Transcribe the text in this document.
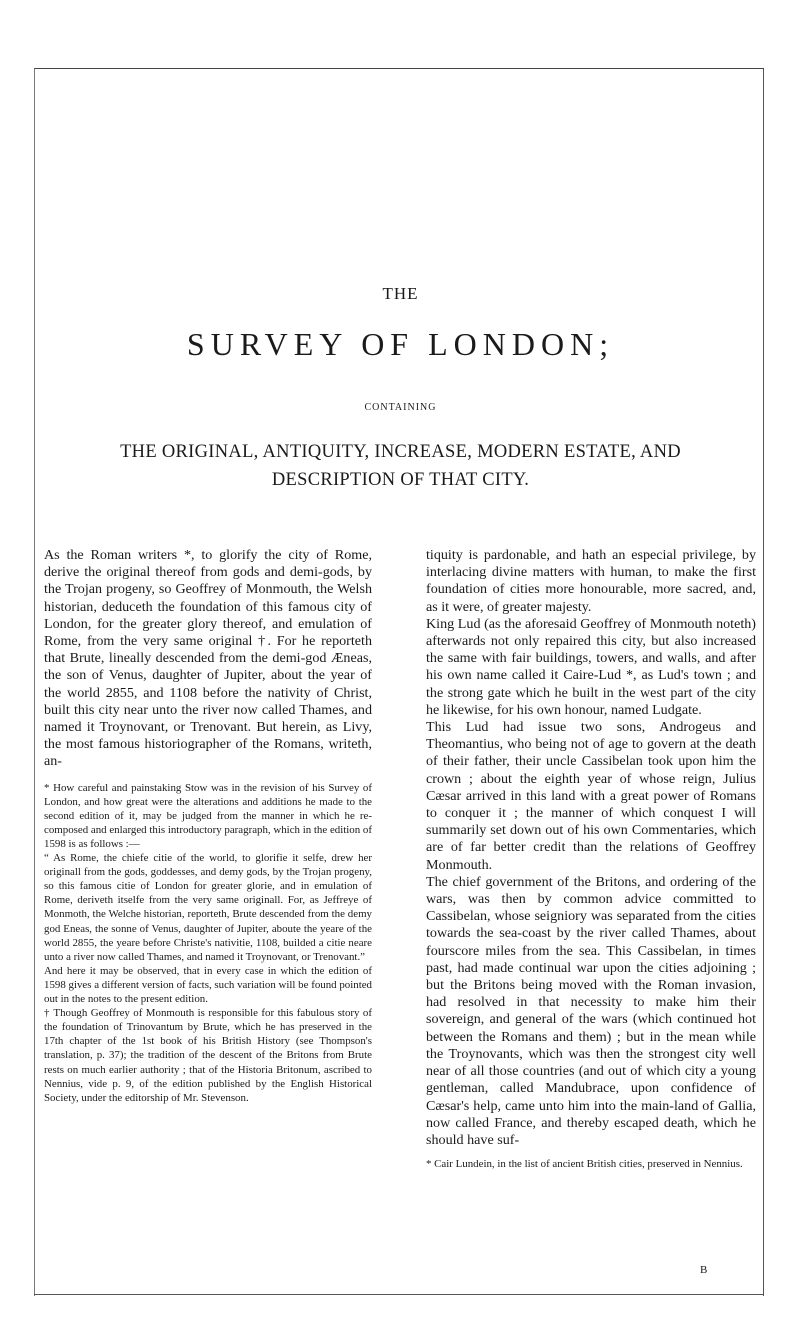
THE
SURVEY OF LONDON;
CONTAINING
THE ORIGINAL, ANTIQUITY, INCREASE, MODERN ESTATE, AND DESCRIPTION OF THAT CITY.

As the Roman writers *, to glorify the city of Rome, derive the original thereof from gods and demi-gods, by the Trojan progeny, so Geoffrey of Monmouth, the Welsh historian, deduceth the foundation of this famous city of London, for the greater glory thereof, and emulation of Rome, from the very same original †. For he reporteth that Brute, lineally descended from the demi-god Æneas, the son of Venus, daughter of Jupiter, about the year of the world 2855, and 1108 before the nativity of Christ, built this city near unto the river now called Thames, and named it Troynovant, or Trenovant. But herein, as Livy, the most famous historiographer of the Romans, writeth, an-

* How careful and painstaking Stow was in the revision of his Survey of London, and how great were the alterations and additions he made to the second edition of it, may be judged from the manner in which he re-composed and enlarged this introductory paragraph, which in the edition of 1598 is as follows :—

“ As Rome, the chiefe citie of the world, to glorifie it selfe, drew her originall from the gods, goddesses, and demy gods, by the Trojan progeny, so this famous citie of London for greater glorie, and in emulation of Rome, deriveth itselfe from the very same originall. For, as Jeffreye of Monmoth, the Welche historian, reporteth, Brute descended from the demy god Eneas, the sonne of Venus, daughter of Jupiter, aboute the yeare of the world 2855, the yeare before Christe's nativitie, 1108, builded a citie neare unto a river now called Thames, and named it Troynovant, or Trenovant.”

And here it may be observed, that in every case in which the edition of 1598 gives a different version of facts, such variation will be found pointed out in the notes to the present edition.

† Though Geoffrey of Monmouth is responsible for this fabulous story of the foundation of Trinovantum by Brute, which he has preserved in the 17th chapter of the 1st book of his British History (see Thompson's translation, p. 37); the tradition of the descent of the Britons from Brute rests on much earlier authority ; that of the Historia Britonum, ascribed to Nennius, vide p. 9, of the edition published by the English Historical Society, under the editorship of Mr. Stevenson.

tiquity is pardonable, and hath an especial privilege, by interlacing divine matters with human, to make the first foundation of cities more honourable, more sacred, and, as it were, of greater majesty.

King Lud (as the aforesaid Geoffrey of Monmouth noteth) afterwards not only repaired this city, but also increased the same with fair buildings, towers, and walls, and after his own name called it Caire-Lud *, as Lud's town ; and the strong gate which he built in the west part of the city he likewise, for his own honour, named Ludgate.

This Lud had issue two sons, Androgeus and Theomantius, who being not of age to govern at the death of their father, their uncle Cassibelan took upon him the crown ; about the eighth year of whose reign, Julius Cæsar arrived in this land with a great power of Romans to conquer it ; the manner of which conquest I will summarily set down out of his own Commentaries, which are of far better credit than the relations of Geoffrey Monmouth.

The chief government of the Britons, and ordering of the wars, was then by common advice committed to Cassibelan, whose seigniory was separated from the cities towards the sea-coast by the river called Thames, about fourscore miles from the sea. This Cassibelan, in times past, had made continual war upon the cities adjoining ; but the Britons being moved with the Roman invasion, had resolved in that necessity to make him their sovereign, and general of the wars (which continued hot between the Romans and them) ; but in the mean while the Troynovants, which was then the strongest city well near of all those countries (and out of which city a young gentleman, called Mandubrace, upon confidence of Cæsar's help, came unto him into the main-land of Gallia, now called France, and thereby escaped death, which he should have suf-

* Cair Lundein, in the list of ancient British cities, preserved in Nennius.

B
